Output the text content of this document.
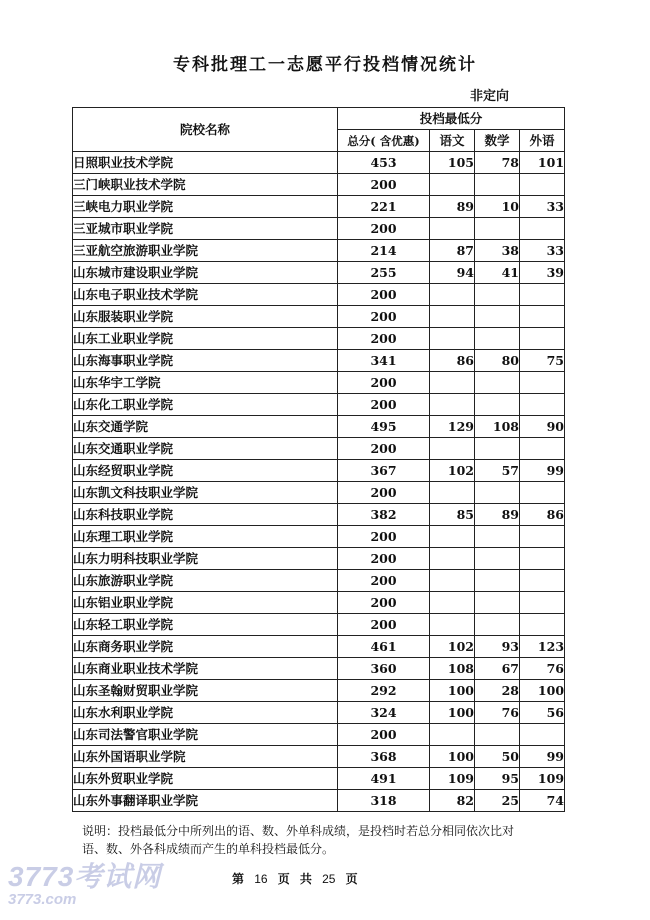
专科批理工一志愿平行投档情况统计
非定向
院校名称	投档最低分			
	总分( 含优惠)	语文	数学	外语
日照职业技术学院	453	105	78	101
三门峡职业技术学院	200			
三峡电力职业学院	221	89	10	33
三亚城市职业学院	200			
三亚航空旅游职业学院	214	87	38	33
山东城市建设职业学院	255	94	41	39
山东电子职业技术学院	200			
山东服装职业学院	200			
山东工业职业学院	200			
山东海事职业学院	341	86	80	75
山东华宇工学院	200			
山东化工职业学院	200			
山东交通学院	495	129	108	90
山东交通职业学院	200			
山东经贸职业学院	367	102	57	99
山东凯文科技职业学院	200			
山东科技职业学院	382	85	89	86
山东理工职业学院	200			
山东力明科技职业学院	200			
山东旅游职业学院	200			
山东铝业职业学院	200			
山东轻工职业学院	200			
山东商务职业学院	461	102	93	123
山东商业职业技术学院	360	108	67	76
山东圣翰财贸职业学院	292	100	28	100
山东水利职业学院	324	100	76	56
山东司法警官职业学院	200			
山东外国语职业学院	368	100	50	99
山东外贸职业学院	491	109	95	109
山东外事翻译职业学院	318	82	25	74
说明：投档最低分中所列出的语、数、外单科成绩，是投档时若总分相同依次比对
语、数、外各科成绩而产生的单科投档最低分。
第 16 页 共 25 页
3773考试网
3773.com
